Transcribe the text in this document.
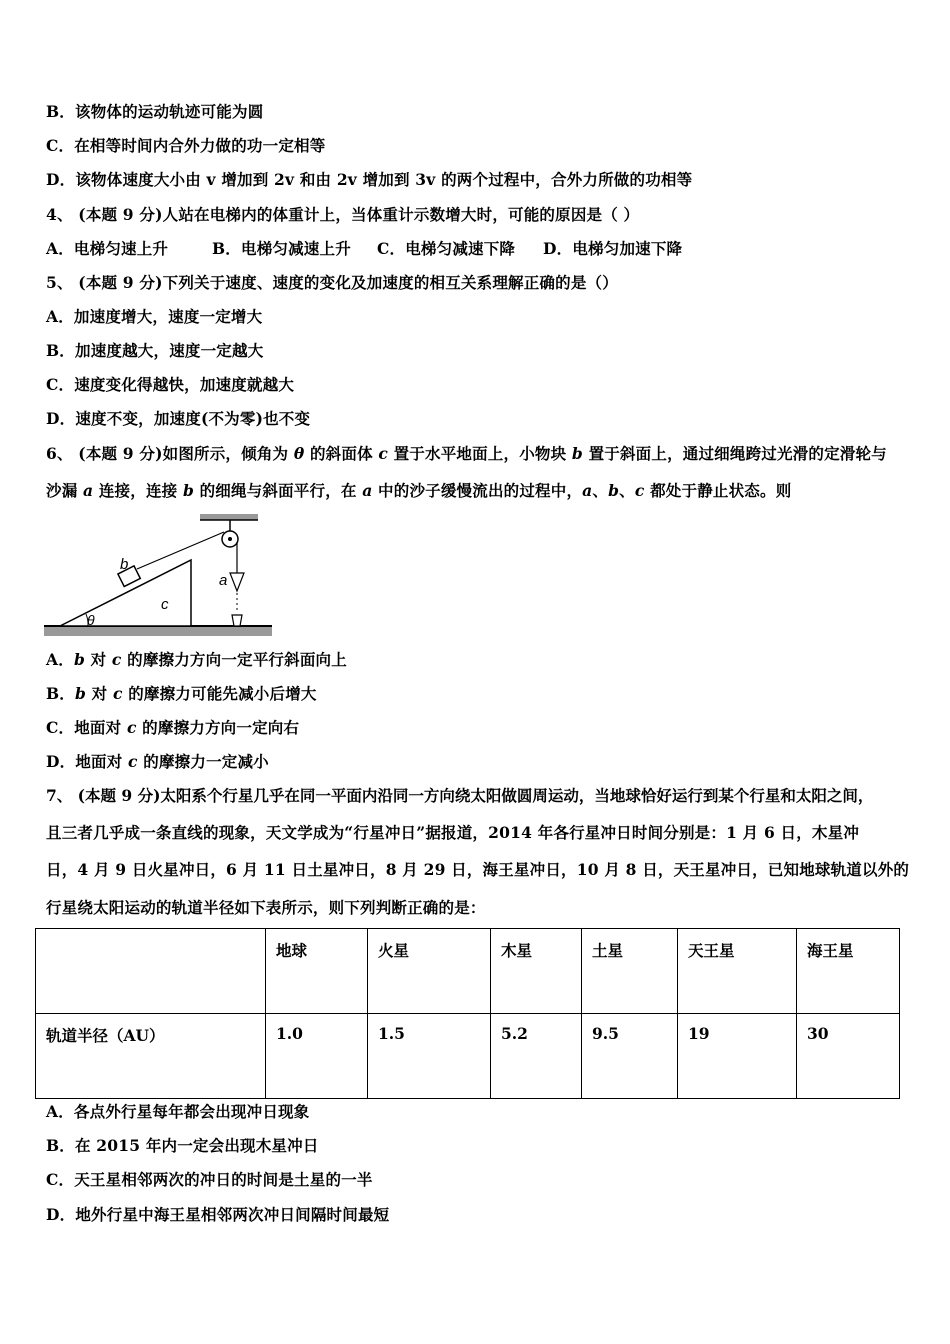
B．该物体的运动轨迹可能为圆
C．在相等时间内合外力做的功一定相等
D．该物体速度大小由 v 增加到 2v 和由 2v 增加到 3v 的两个过程中，合外力所做的功相等
4、 (本题 9 分)人站在电梯内的体重计上，当体重计示数增大时，可能的原因是（ ）
A．电梯匀速上升	B．电梯匀减速上升 C．电梯匀减速下降 D．电梯匀加速下降
5、 (本题 9 分)下列关于速度、速度的变化及加速度的相互关系理解正确的是（）
A．加速度增大，速度一定增大
B．加速度越大，速度一定越大
C．速度变化得越快，加速度就越大
D．速度不变，加速度(不为零)也不变
6、 (本题 9 分)如图所示，倾角为 θ 的斜面体 c 置于水平地面上，小物块 b 置于斜面上，通过细绳跨过光滑的定滑轮与
沙漏 a 连接，连接 b 的细绳与斜面平行，在 a 中的沙子缓慢流出的过程中，a、b、c 都处于静止状态。则
b
c
a
θ
A．b 对 c 的摩擦力方向一定平行斜面向上
B．b 对 c 的摩擦力可能先减小后增大
C．地面对 c 的摩擦力方向一定向右
D．地面对 c 的摩擦力一定减小
7、 (本题 9 分)太阳系个行星几乎在同一平面内沿同一方向绕太阳做圆周运动，当地球恰好运行到某个行星和太阳之间，
且三者几乎成一条直线的现象，天文学成为“行星冲日”据报道，2014 年各行星冲日时间分别是：1 月 6 日，木星冲
日，4 月 9 日火星冲日，6 月 11 日土星冲日，8 月 29 日，海王星冲日，10 月 8 日，天王星冲日，已知地球轨道以外的
行星绕太阳运动的轨道半径如下表所示，则下列判断正确的是：
	地球	火星	木星	土星	天王星	海王星
轨道半径（AU）	1.0	1.5	5.2	9.5	19	30
A．各点外行星每年都会出现冲日现象
B．在 2015 年内一定会出现木星冲日
C．天王星相邻两次的冲日的时间是土星的一半
D．地外行星中海王星相邻两次冲日间隔时间最短
